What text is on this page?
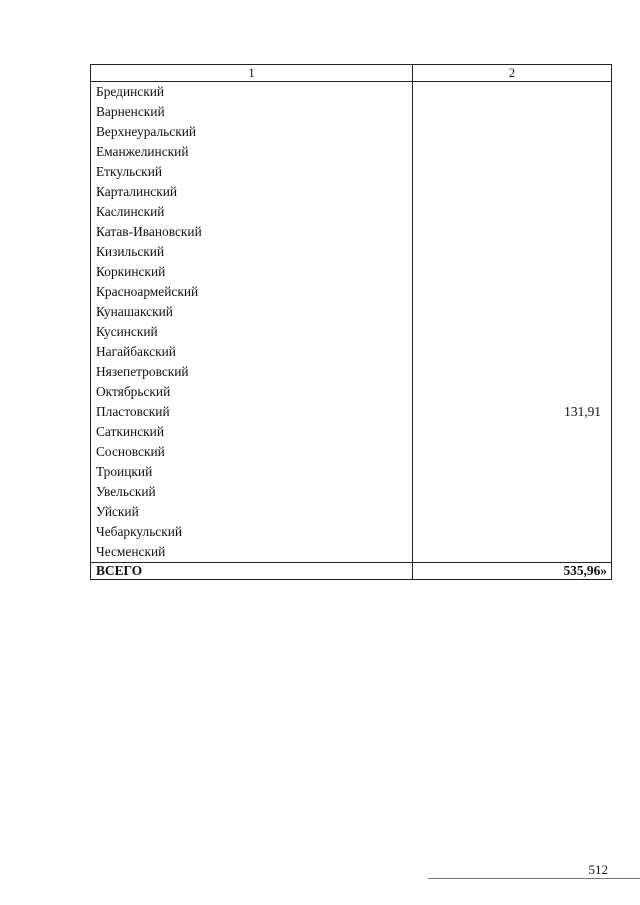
1	2
Брединский	
Варненский	
Верхнеуральский	
Еманжелинский	
Еткульский	
Карталинский	
Каслинский	
Катав-Ивановский	
Кизильский	
Коркинский	
Красноармейский	
Кунашакский	
Кусинский	
Нагайбакский	
Нязепетровский	
Октябрьский	
Пластовский	131,91
Саткинский	
Сосновский	
Троицкий	
Увельский	
Уйский	
Чебаркульский	
Чесменский	
ВСЕГО	535,96»
512
